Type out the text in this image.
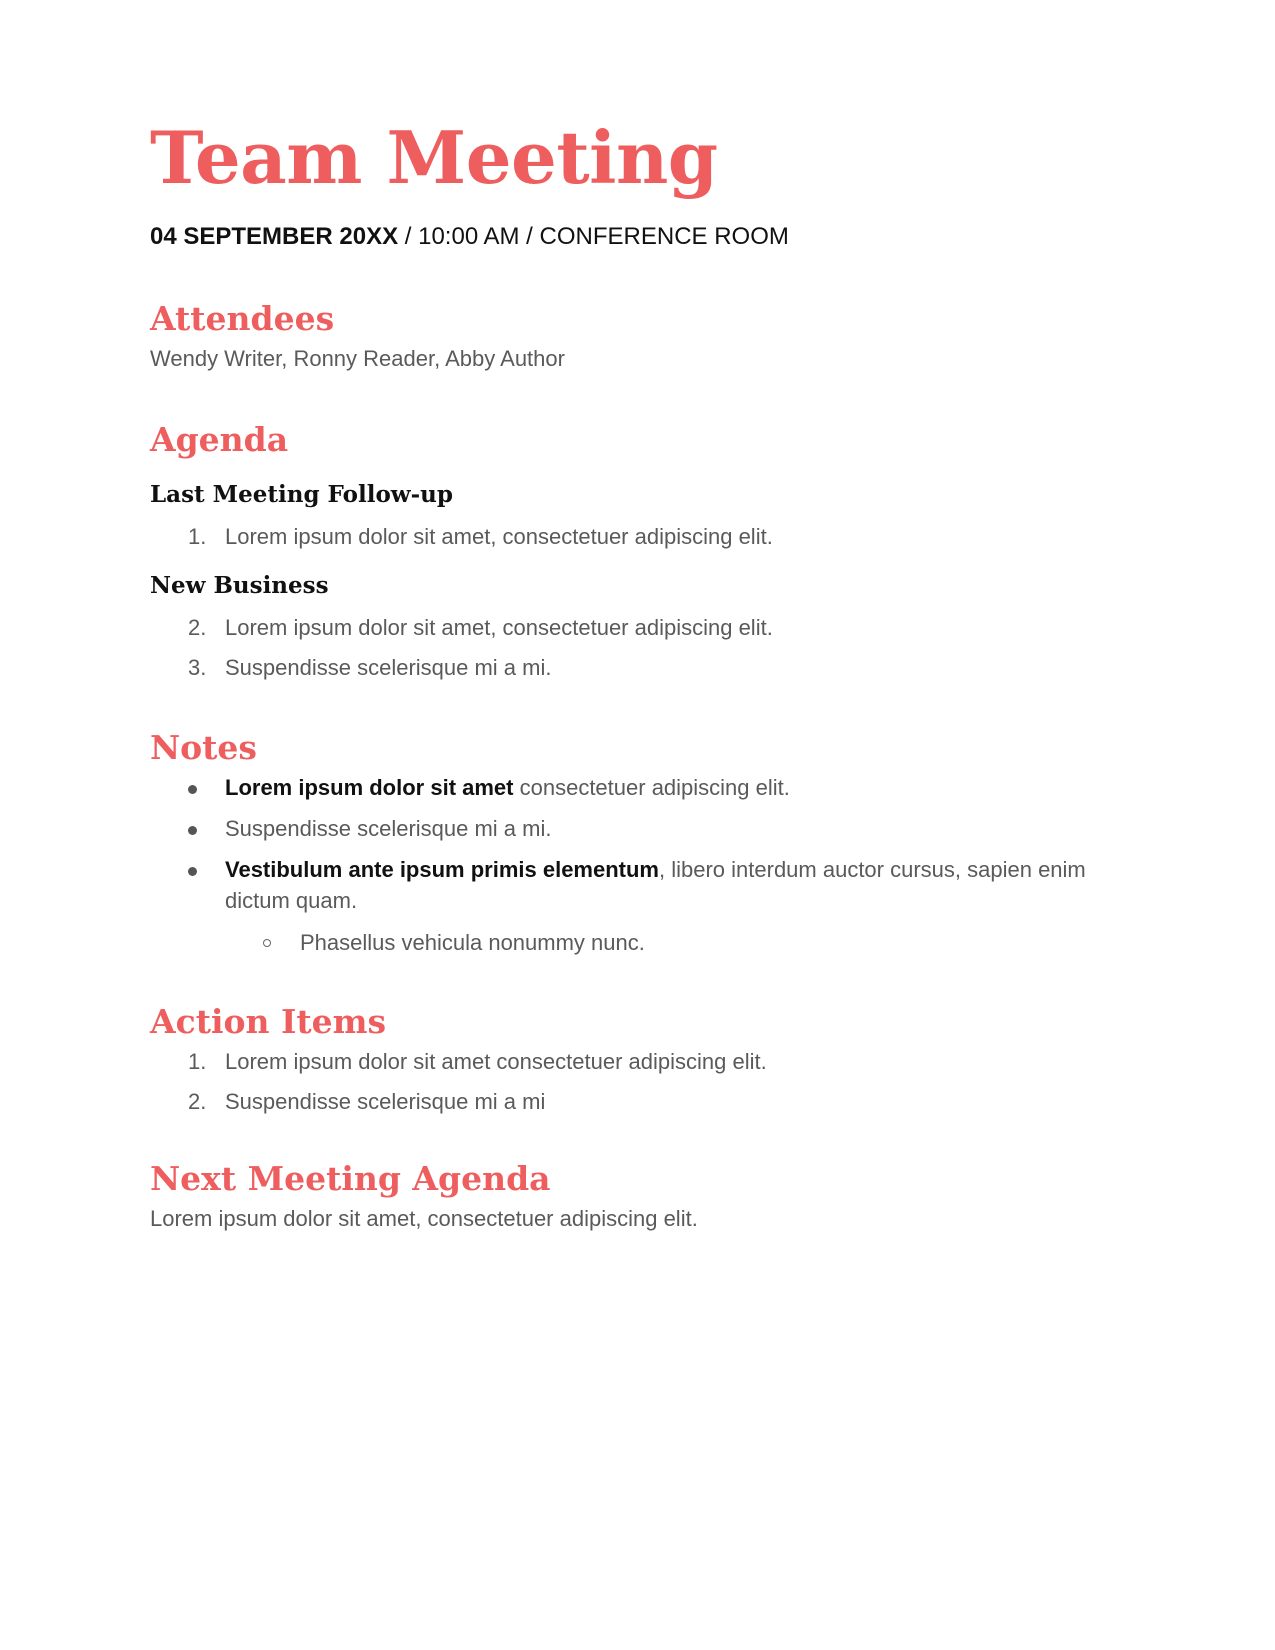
Team Meeting
04 SEPTEMBER 20XX / 10:00 AM / CONFERENCE ROOM
Attendees
Wendy Writer, Ronny Reader, Abby Author
Agenda
Last Meeting Follow-up
1. Lorem ipsum dolor sit amet, consectetuer adipiscing elit.
New Business
2. Lorem ipsum dolor sit amet, consectetuer adipiscing elit.
3. Suspendisse scelerisque mi a mi.
Notes
Lorem ipsum dolor sit amet consectetuer adipiscing elit.
Suspendisse scelerisque mi a mi.
Vestibulum ante ipsum primis elementum, libero interdum auctor cursus, sapien enim dictum quam.
Phasellus vehicula nonummy nunc.
Action Items
1. Lorem ipsum dolor sit amet consectetuer adipiscing elit.
2. Suspendisse scelerisque mi a mi
Next Meeting Agenda
Lorem ipsum dolor sit amet, consectetuer adipiscing elit.
